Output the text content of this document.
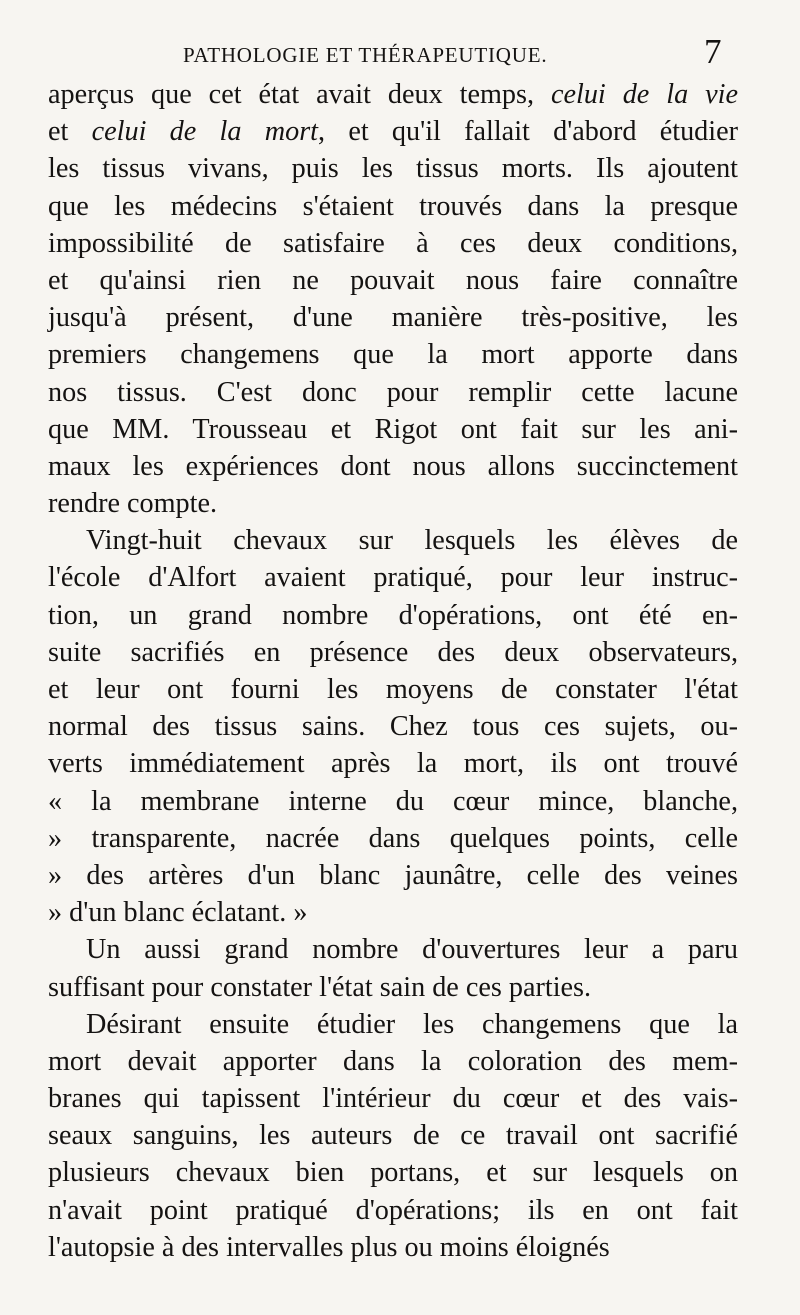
PATHOLOGIE ET THÉRAPEUTIQUE.	7
aperçus que cet état avait deux temps, celui de la vie
et celui de la mort, et qu'il fallait d'abord étudier
les tissus vivans, puis les tissus morts. Ils ajoutent
que les médecins s'étaient trouvés dans la presque
impossibilité de satisfaire à ces deux conditions,
et qu'ainsi rien ne pouvait nous faire connaître
jusqu'à présent, d'une manière très-positive, les
premiers changemens que la mort apporte dans
nos tissus. C'est donc pour remplir cette lacune
que MM. Trousseau et Rigot ont fait sur les ani-
maux les expériences dont nous allons succinctement
rendre compte.
Vingt-huit chevaux sur lesquels les élèves de
l'école d'Alfort avaient pratiqué, pour leur instruc-
tion, un grand nombre d'opérations, ont été en-
suite sacrifiés en présence des deux observateurs,
et leur ont fourni les moyens de constater l'état
normal des tissus sains. Chez tous ces sujets, ou-
verts immédiatement après la mort, ils ont trouvé
« la membrane interne du cœur mince, blanche,
» transparente, nacrée dans quelques points, celle
» des artères d'un blanc jaunâtre, celle des veines
» d'un blanc éclatant. »
Un aussi grand nombre d'ouvertures leur a paru
suffisant pour constater l'état sain de ces parties.
Désirant ensuite étudier les changemens que la
mort devait apporter dans la coloration des mem-
branes qui tapissent l'intérieur du cœur et des vais-
seaux sanguins, les auteurs de ce travail ont sacrifié
plusieurs chevaux bien portans, et sur lesquels on
n'avait point pratiqué d'opérations; ils en ont fait
l'autopsie à des intervalles plus ou moins éloignés
